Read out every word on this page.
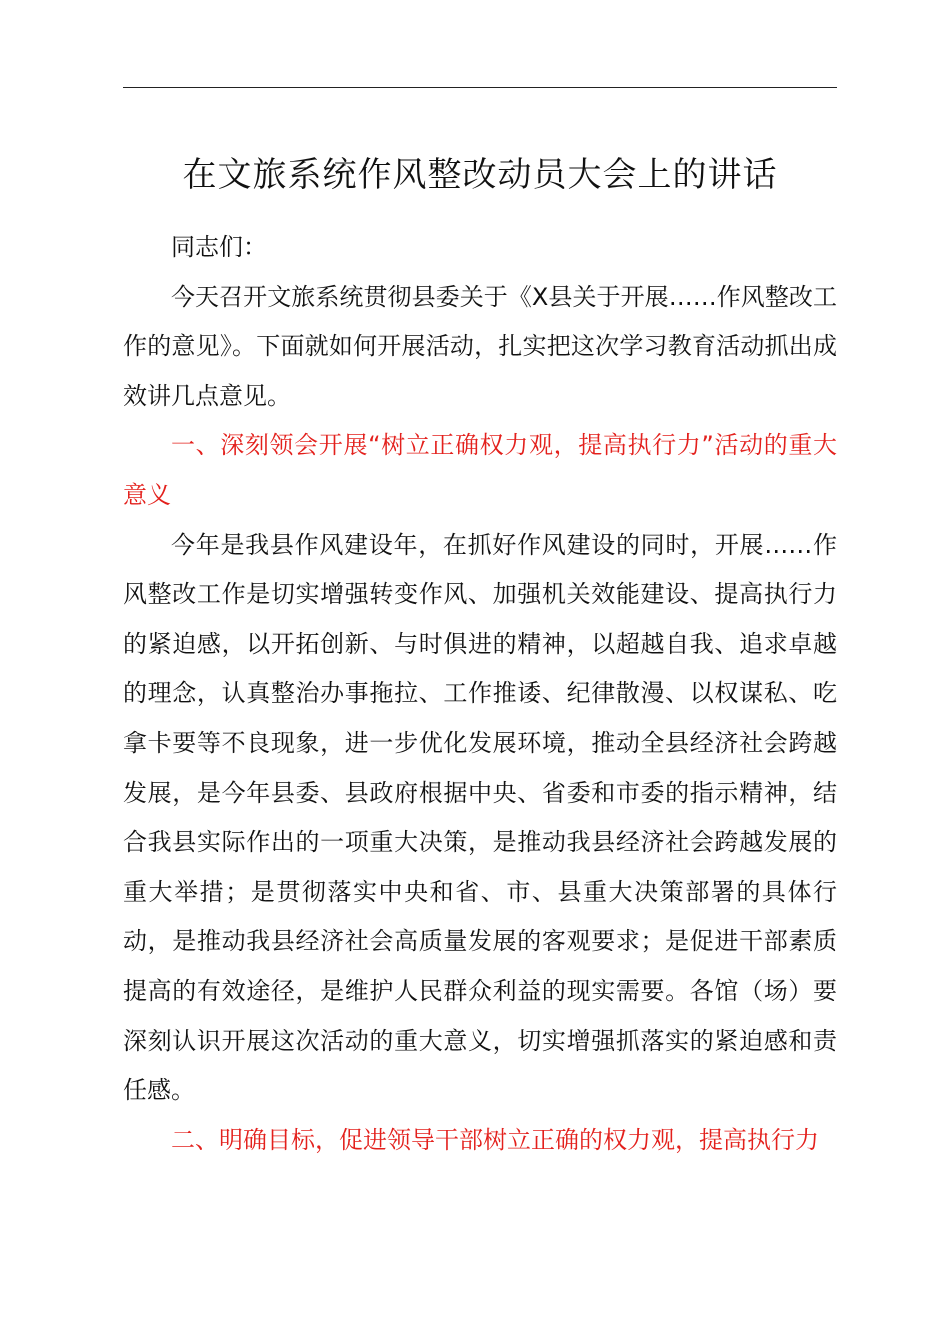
在文旅系统作风整改动员大会上的讲话

同志们：

今天召开文旅系统贯彻县委关于《X县关于开展……作风整改工作的意见》。下面就如何开展活动，扎实把这次学习教育活动抓出成效讲几点意见。

一、深刻领会开展“树立正确权力观，提高执行力”活动的重大意义

今年是我县作风建设年，在抓好作风建设的同时，开展……作风整改工作是切实增强转变作风、加强机关效能建设、提高执行力的紧迫感，以开拓创新、与时俱进的精神，以超越自我、追求卓越的理念，认真整治办事拖拉、工作推诿、纪律散漫、以权谋私、吃拿卡要等不良现象，进一步优化发展环境，推动全县经济社会跨越发展，是今年县委、县政府根据中央、省委和市委的指示精神，结合我县实际作出的一项重大决策，是推动我县经济社会跨越发展的重大举措；是贯彻落实中央和省、市、县重大决策部署的具体行动，是推动我县经济社会高质量发展的客观要求；是促进干部素质提高的有效途径，是维护人民群众利益的现实需要。各馆（场）要深刻认识开展这次活动的重大意义，切实增强抓落实的紧迫感和责任感。

二、明确目标，促进领导干部树立正确的权力观，提高执行力
